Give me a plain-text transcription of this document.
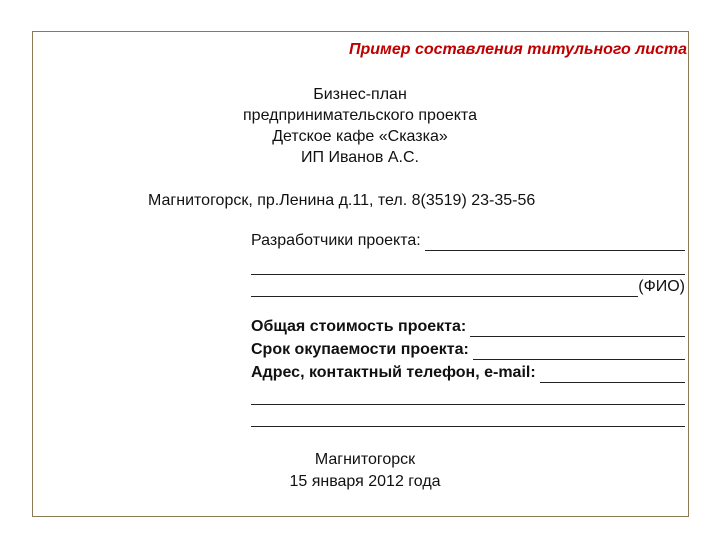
Пример составления титульного листа
Бизнес-план
предпринимательского проекта
Детское кафе «Сказка»
ИП Иванов А.С.
Магнитогорск, пр.Ленина д.11, тел. 8(3519) 23-35-56
Разработчики проекта:
(ФИО)
Общая стоимость проекта:
Срок окупаемости проекта:
Адрес, контактный телефон, e-mail:
Магнитогорск
15 января 2012 года
